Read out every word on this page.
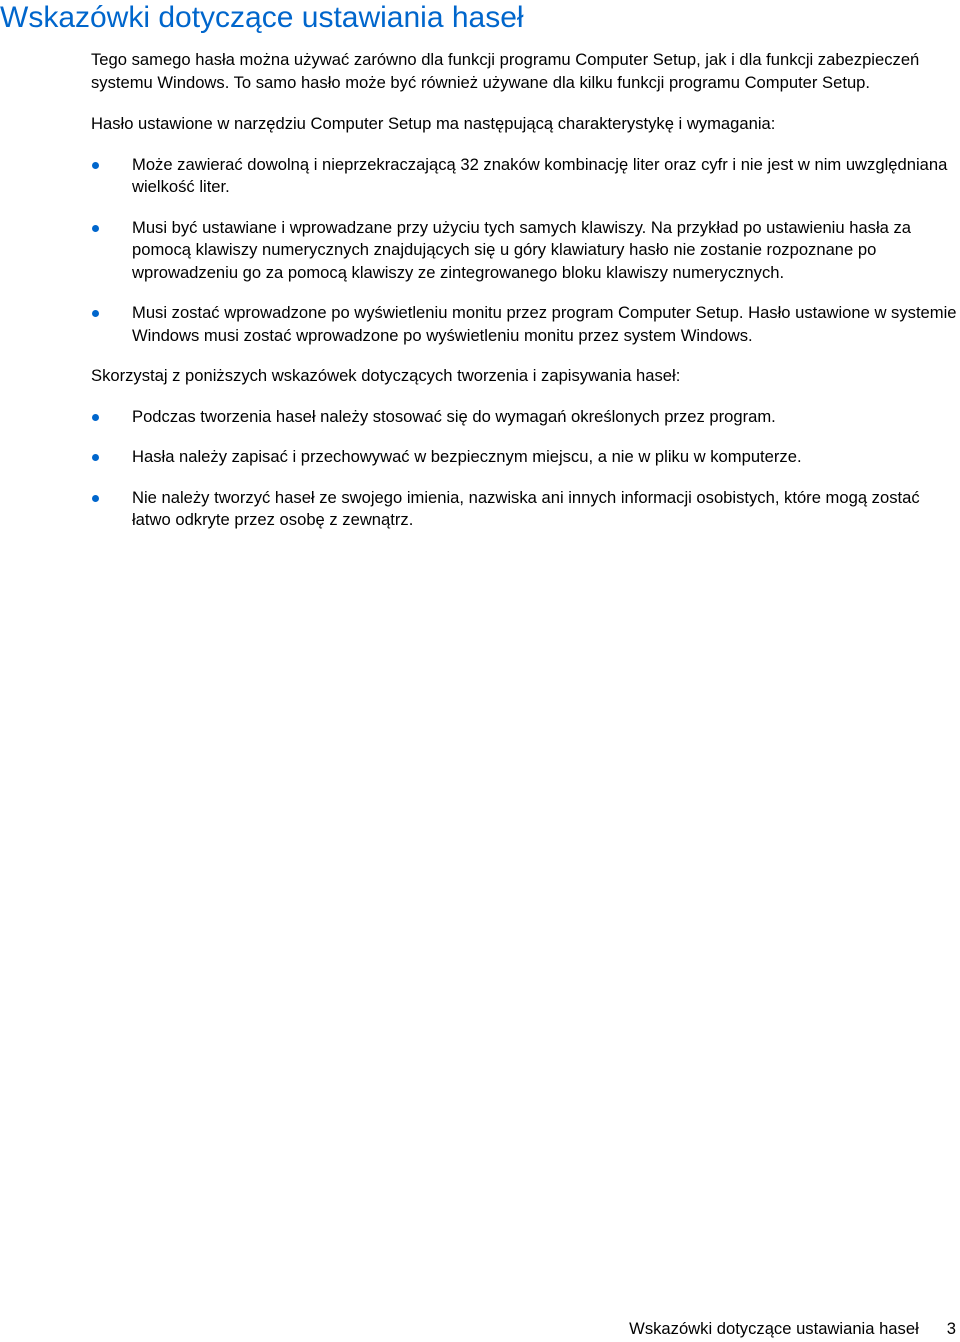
Wskazówki dotyczące ustawiania haseł

Tego samego hasła można używać zarówno dla funkcji programu Computer Setup, jak i dla funkcji zabezpieczeń systemu Windows. To samo hasło może być również używane dla kilku funkcji programu Computer Setup.

Hasło ustawione w narzędziu Computer Setup ma następującą charakterystykę i wymagania:

Może zawierać dowolną i nieprzekraczającą 32 znaków kombinację liter oraz cyfr i nie jest w nim uwzględniana wielkość liter.
Musi być ustawiane i wprowadzane przy użyciu tych samych klawiszy. Na przykład po ustawieniu hasła za pomocą klawiszy numerycznych znajdujących się u góry klawiatury hasło nie zostanie rozpoznane po wprowadzeniu go za pomocą klawiszy ze zintegrowanego bloku klawiszy numerycznych.
Musi zostać wprowadzone po wyświetleniu monitu przez program Computer Setup. Hasło ustawione w systemie Windows musi zostać wprowadzone po wyświetleniu monitu przez system Windows.

Skorzystaj z poniższych wskazówek dotyczących tworzenia i zapisywania haseł:

Podczas tworzenia haseł należy stosować się do wymagań określonych przez program.
Hasła należy zapisać i przechowywać w bezpiecznym miejscu, a nie w pliku w komputerze.
Nie należy tworzyć haseł ze swojego imienia, nazwiska ani innych informacji osobistych, które mogą zostać łatwo odkryte przez osobę z zewnątrz.
Wskazówki dotyczące ustawiania haseł 3
